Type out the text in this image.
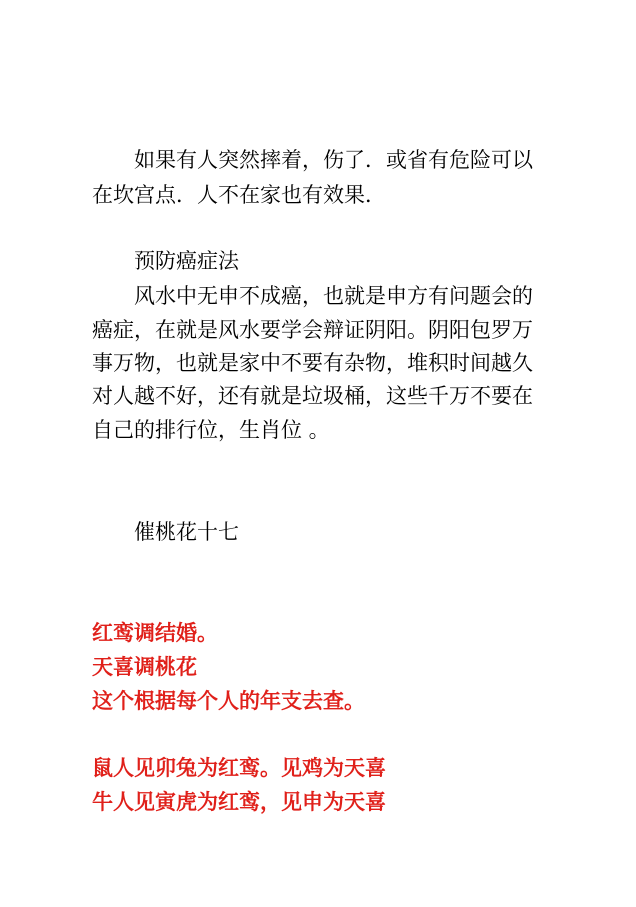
如果有人突然摔着，伤了．或省有危险可以
在坎宫点．人不在家也有效果．
预防癌症法
风水中无申不成癌，也就是申方有问题会的
癌症，在就是风水要学会辩证阴阳。阴阳包罗万
事万物，也就是家中不要有杂物，堆积时间越久
对人越不好，还有就是垃圾桶，这些千万不要在
自己的排行位，生肖位 。
催桃花十七
红鸾调结婚。
天喜调桃花
这个根据每个人的年支去查。
鼠人见卯兔为红鸾。见鸡为天喜
牛人见寅虎为红鸾，见申为天喜
